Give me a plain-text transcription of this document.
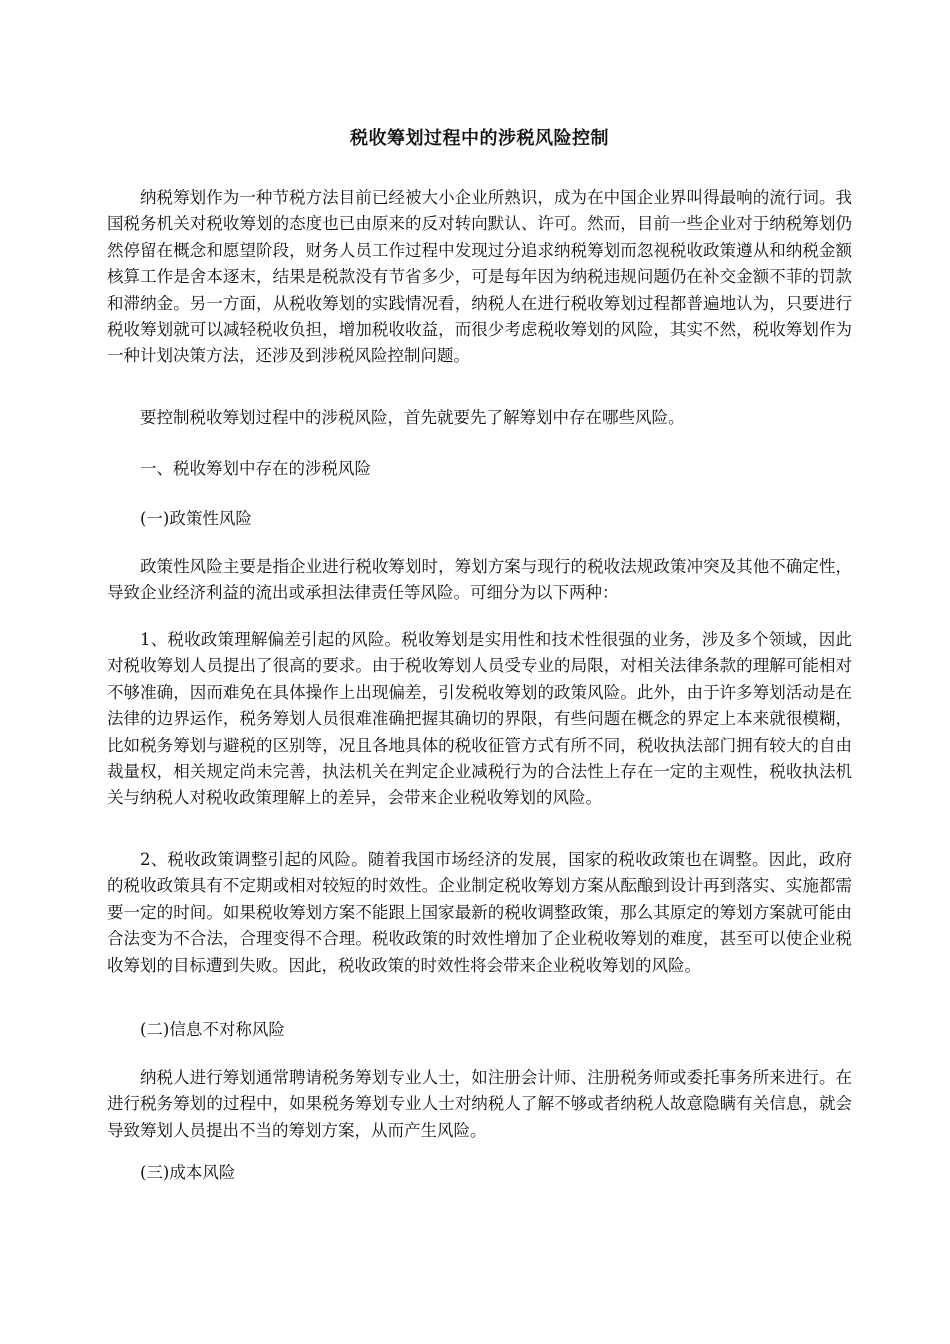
税收筹划过程中的涉税风险控制

纳税筹划作为一种节税方法目前已经被大小企业所熟识，成为在中国企业界叫得最响的流行词。我国税务机关对税收筹划的态度也已由原来的反对转向默认、许可。然而，目前一些企业对于纳税筹划仍然停留在概念和愿望阶段，财务人员工作过程中发现过分追求纳税筹划而忽视税收政策遵从和纳税金额核算工作是舍本逐末，结果是税款没有节省多少，可是每年因为纳税违规问题仍在补交金额不菲的罚款和滞纳金。另一方面，从税收筹划的实践情况看，纳税人在进行税收筹划过程都普遍地认为，只要进行税收筹划就可以减轻税收负担，增加税收收益，而很少考虑税收筹划的风险，其实不然，税收筹划作为一种计划决策方法，还涉及到涉税风险控制问题。

要控制税收筹划过程中的涉税风险，首先就要先了解筹划中存在哪些风险。

一、税收筹划中存在的涉税风险

(一)政策性风险

政策性风险主要是指企业进行税收筹划时，筹划方案与现行的税收法规政策冲突及其他不确定性，导致企业经济利益的流出或承担法律责任等风险。可细分为以下两种：

1、税收政策理解偏差引起的风险。税收筹划是实用性和技术性很强的业务，涉及多个领域，因此对税收筹划人员提出了很高的要求。由于税收筹划人员受专业的局限，对相关法律条款的理解可能相对不够准确，因而难免在具体操作上出现偏差，引发税收筹划的政策风险。此外，由于许多筹划活动是在法律的边界运作，税务筹划人员很难准确把握其确切的界限，有些问题在概念的界定上本来就很模糊，比如税务筹划与避税的区别等，况且各地具体的税收征管方式有所不同，税收执法部门拥有较大的自由裁量权，相关规定尚未完善，执法机关在判定企业减税行为的合法性上存在一定的主观性，税收执法机关与纳税人对税收政策理解上的差异，会带来企业税收筹划的风险。

2、税收政策调整引起的风险。随着我国市场经济的发展，国家的税收政策也在调整。因此，政府的税收政策具有不定期或相对较短的时效性。企业制定税收筹划方案从酝酿到设计再到落实、实施都需要一定的时间。如果税收筹划方案不能跟上国家最新的税收调整政策，那么其原定的筹划方案就可能由合法变为不合法，合理变得不合理。税收政策的时效性增加了企业税收筹划的难度，甚至可以使企业税收筹划的目标遭到失败。因此，税收政策的时效性将会带来企业税收筹划的风险。

(二)信息不对称风险

纳税人进行筹划通常聘请税务筹划专业人士，如注册会计师、注册税务师或委托事务所来进行。在进行税务筹划的过程中，如果税务筹划专业人士对纳税人了解不够或者纳税人故意隐瞒有关信息，就会导致筹划人员提出不当的筹划方案，从而产生风险。

(三)成本风险
